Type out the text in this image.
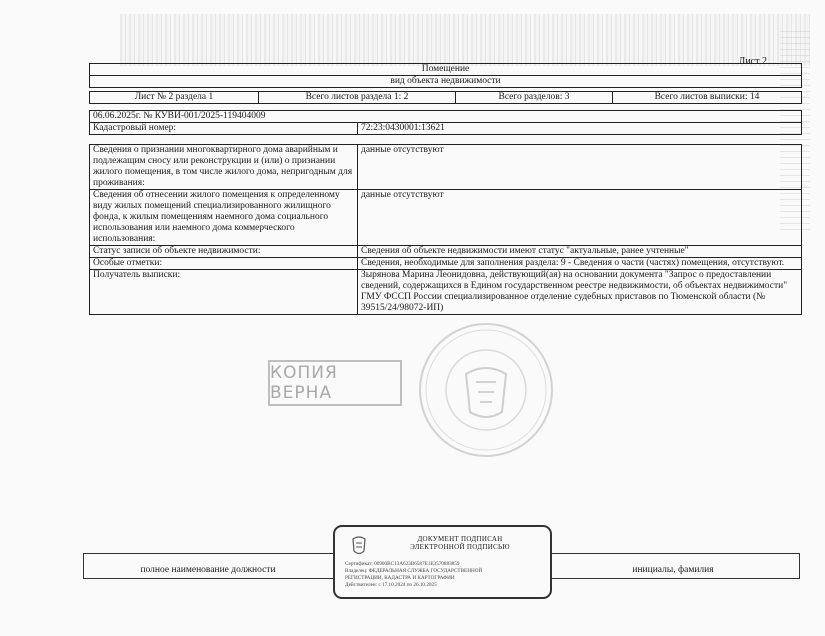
Лист 2
Помещение
вид объекта недвижимости
Лист № 2 раздела 1	Всего листов раздела 1: 2	Всего разделов: 3	Всего листов выписки: 14
06.06.2025г. № КУВИ-001/2025-119404009
Кадастровый номер:	72:23:0430001:13621
Сведения о признании многоквартирного дома аварийным и подлежащим сносу или реконструкции и (или) о признании жилого помещения, в том числе жилого дома, непригодным для проживания:	данные отсутствуют
Сведения об отнесении жилого помещения к определенному виду жилых помещений специализированного жилищного фонда, к жилым помещениям наемного дома социального использования или наемного дома коммерческого использования:	данные отсутствуют
Статус записи об объекте недвижимости:	Сведения об объекте недвижимости имеют статус "актуальные, ранее учтенные"
Особые отметки:	Сведения, необходимые для заполнения раздела: 9 - Сведения о части (частях) помещения, отсутствуют.
Получатель выписки:	Зырянова Марина Леонидовна, действующий(ая) на основании документа "Запрос о предоставлении сведений, содержащихся в Едином государственном реестре недвижимости, об объектах недвижимости" ГМУ ФССП России специализированное отделение судебных приставов по Тюменской области (№ 39515/24/98072-ИП)
КОПИЯ ВЕРНА
полное наименование должности	инициалы, фамилия
ДОКУМЕНТ ПОДПИСАН
ЭЛЕКТРОННОЙ ПОДПИСЬЮ
Сертификат: 00900BC13A623B6587E1E3570883859
Владелец: ФЕДЕРАЛЬНАЯ СЛУЖБА ГОСУДАРСТВЕННОЙ
РЕГИСТРАЦИИ, КАДАСТРА И КАРТОГРАФИИ
Действителен: с 17.10.2024 по 26.10.2025
